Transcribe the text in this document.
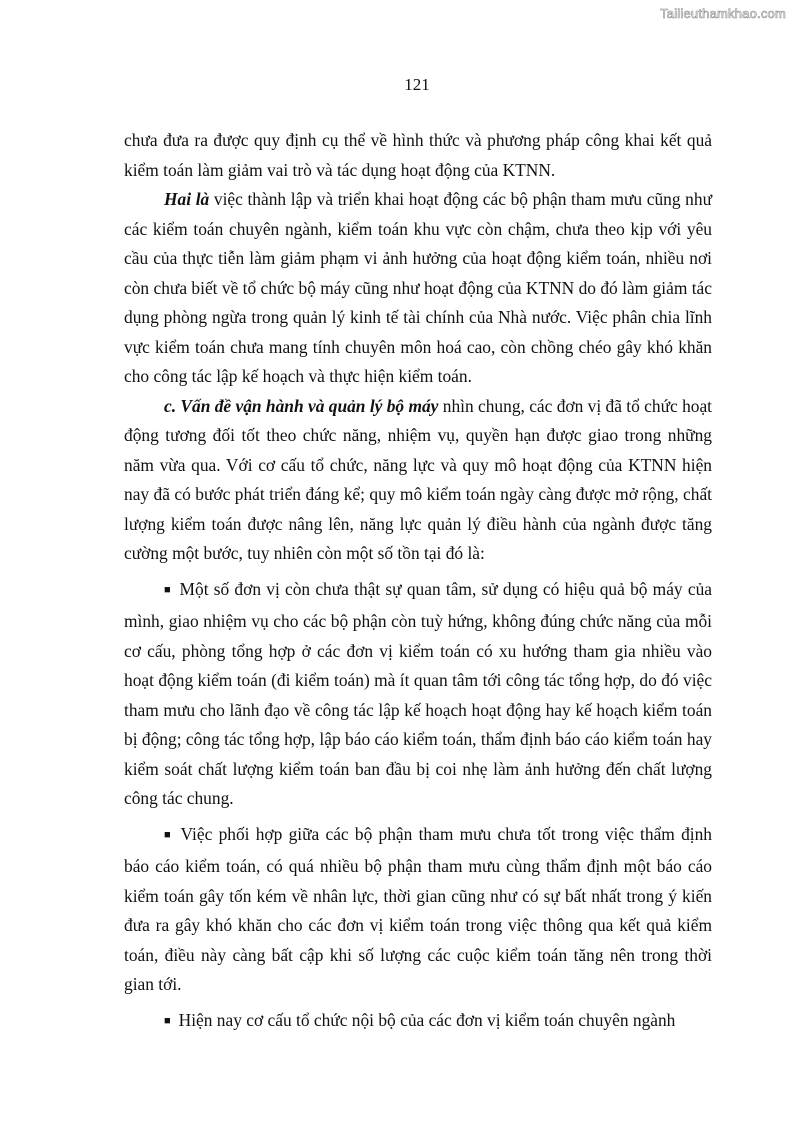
Tailieuthamkhao.com
121

chưa đưa ra được quy định cụ thể về hình thức và phương pháp công khai kết quả kiểm toán làm giảm vai trò và tác dụng hoạt động của KTNN.

Hai là việc thành lập và triển khai hoạt động các bộ phận tham mưu cũng như các kiểm toán chuyên ngành, kiểm toán khu vực còn chậm, chưa theo kịp với yêu cầu của thực tiễn làm giảm phạm vi ảnh hưởng của hoạt động kiểm toán, nhiều nơi còn chưa biết về tổ chức bộ máy cũng như hoạt động của KTNN do đó làm giảm tác dụng phòng ngừa trong quản lý kinh tế tài chính của Nhà nước. Việc phân chia lĩnh vực kiểm toán chưa mang tính chuyên môn hoá cao, còn chồng chéo gây khó khăn cho công tác lập kế hoạch và thực hiện kiểm toán.

c. Vấn đề vận hành và quản lý bộ máy nhìn chung, các đơn vị đã tổ chức hoạt động tương đối tốt theo chức năng, nhiệm vụ, quyền hạn được giao trong những năm vừa qua. Với cơ cấu tổ chức, năng lực và quy mô hoạt động của KTNN hiện nay đã có bước phát triển đáng kể; quy mô kiểm toán ngày càng được mở rộng, chất lượng kiểm toán được nâng lên, năng lực quản lý điều hành của ngành được tăng cường một bước, tuy nhiên còn một số tồn tại đó là:

■ Một số đơn vị còn chưa thật sự quan tâm, sử dụng có hiệu quả bộ máy của mình, giao nhiệm vụ cho các bộ phận còn tuỳ hứng, không đúng chức năng của mỗi cơ cấu, phòng tổng hợp ở các đơn vị kiểm toán có xu hướng tham gia nhiều vào hoạt động kiểm toán (đi kiểm toán) mà ít quan tâm tới công tác tổng hợp, do đó việc tham mưu cho lãnh đạo về công tác lập kế hoạch hoạt động hay kế hoạch kiểm toán bị động; công tác tổng hợp, lập báo cáo kiểm toán, thẩm định báo cáo kiểm toán hay kiểm soát chất lượng kiểm toán ban đầu bị coi nhẹ làm ảnh hưởng đến chất lượng công tác chung.

■ Việc phối hợp giữa các bộ phận tham mưu chưa tốt trong việc thẩm định báo cáo kiểm toán, có quá nhiều bộ phận tham mưu cùng thẩm định một báo cáo kiểm toán gây tốn kém về nhân lực, thời gian cũng như có sự bất nhất trong ý kiến đưa ra gây khó khăn cho các đơn vị kiểm toán trong việc thông qua kết quả kiểm toán, điều này càng bất cập khi số lượng các cuộc kiểm toán tăng nên trong thời gian tới.

■ Hiện nay cơ cấu tổ chức nội bộ của các đơn vị kiểm toán chuyên ngành
